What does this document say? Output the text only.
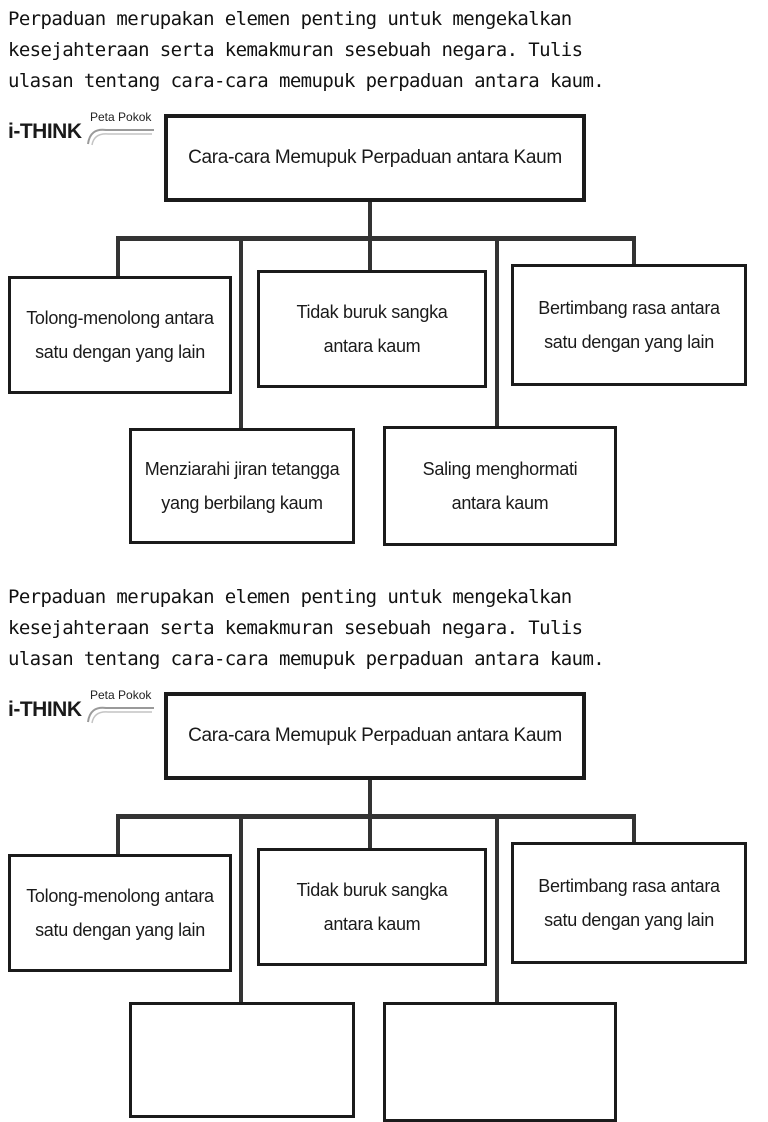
Perpaduan merupakan elemen penting untuk mengekalkan
kesejahteraan serta kemakmuran sesebuah negara. Tulis
ulasan tentang cara-cara memupuk perpaduan antara kaum.
i-THINK
Peta Pokok
Cara-cara Memupuk Perpaduan antara Kaum
Tolong-menolong antara
satu dengan yang lain
Tidak buruk sangka
antara kaum
Bertimbang rasa antara
satu dengan yang lain
Menziarahi jiran tetangga
yang berbilang kaum
Saling menghormati
antara kaum
Perpaduan merupakan elemen penting untuk mengekalkan
kesejahteraan serta kemakmuran sesebuah negara. Tulis
ulasan tentang cara-cara memupuk perpaduan antara kaum.
i-THINK
Peta Pokok
Cara-cara Memupuk Perpaduan antara Kaum
Tolong-menolong antara
satu dengan yang lain
Tidak buruk sangka
antara kaum
Bertimbang rasa antara
satu dengan yang lain
